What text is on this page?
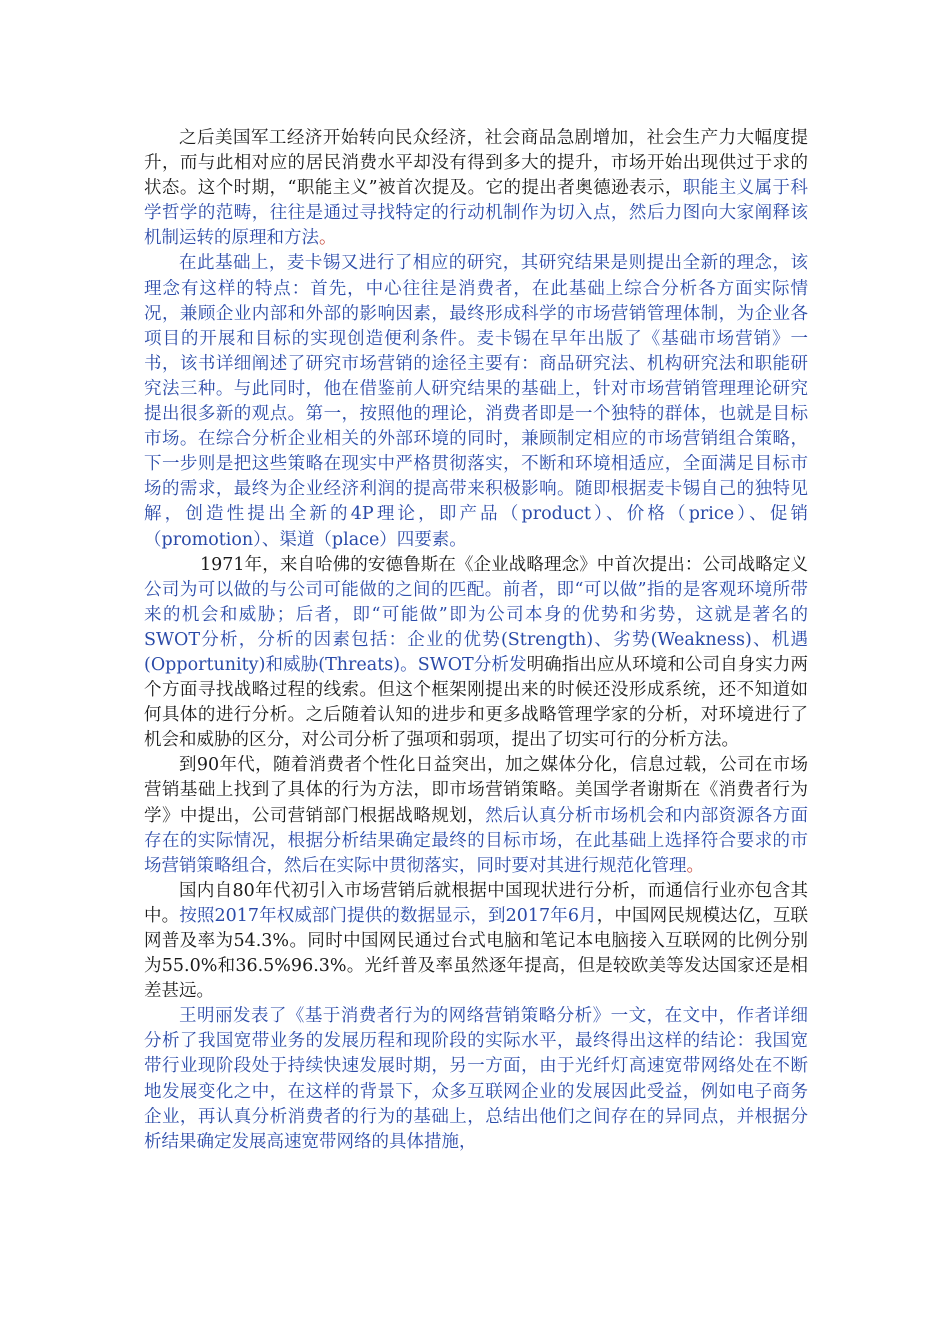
之后美国军工经济开始转向民众经济，社会商品急剧增加，社会生产力大幅度提升，而与此相对应的居民消费水平却没有得到多大的提升，市场开始出现供过于求的状态。这个时期，“职能主义”被首次提及。它的提出者奥德逊表示，职能主义属于科学哲学的范畴，往往是通过寻找特定的行动机制作为切入点，然后力图向大家阐释该机制运转的原理和方法。

在此基础上，麦卡锡又进行了相应的研究，其研究结果是则提出全新的理念，该理念有这样的特点：首先，中心往往是消费者，在此基础上综合分析各方面实际情况，兼顾企业内部和外部的影响因素，最终形成科学的市场营销管理体制，为企业各项目的开展和目标的实现创造便利条件。麦卡锡在早年出版了《基础市场营销》一书，该书详细阐述了研究市场营销的途径主要有：商品研究法、机构研究法和职能研究法三种。与此同时，他在借鉴前人研究结果的基础上，针对市场营销管理理论研究提出很多新的观点。第一，按照他的理论，消费者即是一个独特的群体，也就是目标市场。在综合分析企业相关的外部环境的同时，兼顾制定相应的市场营销组合策略，下一步则是把这些策略在现实中严格贯彻落实，不断和环境相适应，全面满足目标市场的需求，最终为企业经济利润的提高带来积极影响。随即根据麦卡锡自己的独特见解，创造性提出全新的4P理论，即产品（product）、价格（price）、促销（promotion）、渠道（place）四要素。

1971年，来自哈佛的安德鲁斯在《企业战略理念》中首次提出：公司战略定义公司为可以做的与公司可能做的之间的匹配。前者，即“可以做”指的是客观环境所带来的机会和威胁；后者，即“可能做”即为公司本身的优势和劣势，这就是著名的SWOT分析，分析的因素包括：企业的优势(Strength)、劣势(Weakness)、机遇(Opportunity)和威胁(Threats)。SWOT分析发明确指出应从环境和公司自身实力两个方面寻找战略过程的线索。但这个框架刚提出来的时候还没形成系统，还不知道如何具体的进行分析。之后随着认知的进步和更多战略管理学家的分析，对环境进行了机会和威胁的区分，对公司分析了强项和弱项，提出了切实可行的分析方法。

到90年代，随着消费者个性化日益突出，加之媒体分化，信息过载，公司在市场营销基础上找到了具体的行为方法，即市场营销策略。美国学者谢斯在《消费者行为学》中提出，公司营销部门根据战略规划，然后认真分析市场机会和内部资源各方面存在的实际情况，根据分析结果确定最终的目标市场，在此基础上选择符合要求的市场营销策略组合，然后在实际中贯彻落实，同时要对其进行规范化管理。

国内自80年代初引入市场营销后就根据中国现状进行分析，而通信行业亦包含其中。按照2017年权威部门提供的数据显示，到2017年6月，中国网民规模达亿，互联网普及率为54.3%。同时中国网民通过台式电脑和笔记本电脑接入互联网的比例分别为55.0%和36.5%96.3%。光纤普及率虽然逐年提高，但是较欧美等发达国家还是相差甚远。

王明丽发表了《基于消费者行为的网络营销策略分析》一文，在文中，作者详细分析了我国宽带业务的发展历程和现阶段的实际水平，最终得出这样的结论：我国宽带行业现阶段处于持续快速发展时期，另一方面，由于光纤灯高速宽带网络处在不断地发展变化之中，在这样的背景下，众多互联网企业的发展因此受益，例如电子商务企业，再认真分析消费者的行为的基础上，总结出他们之间存在的异同点，并根据分析结果确定发展高速宽带网络的具体措施，
